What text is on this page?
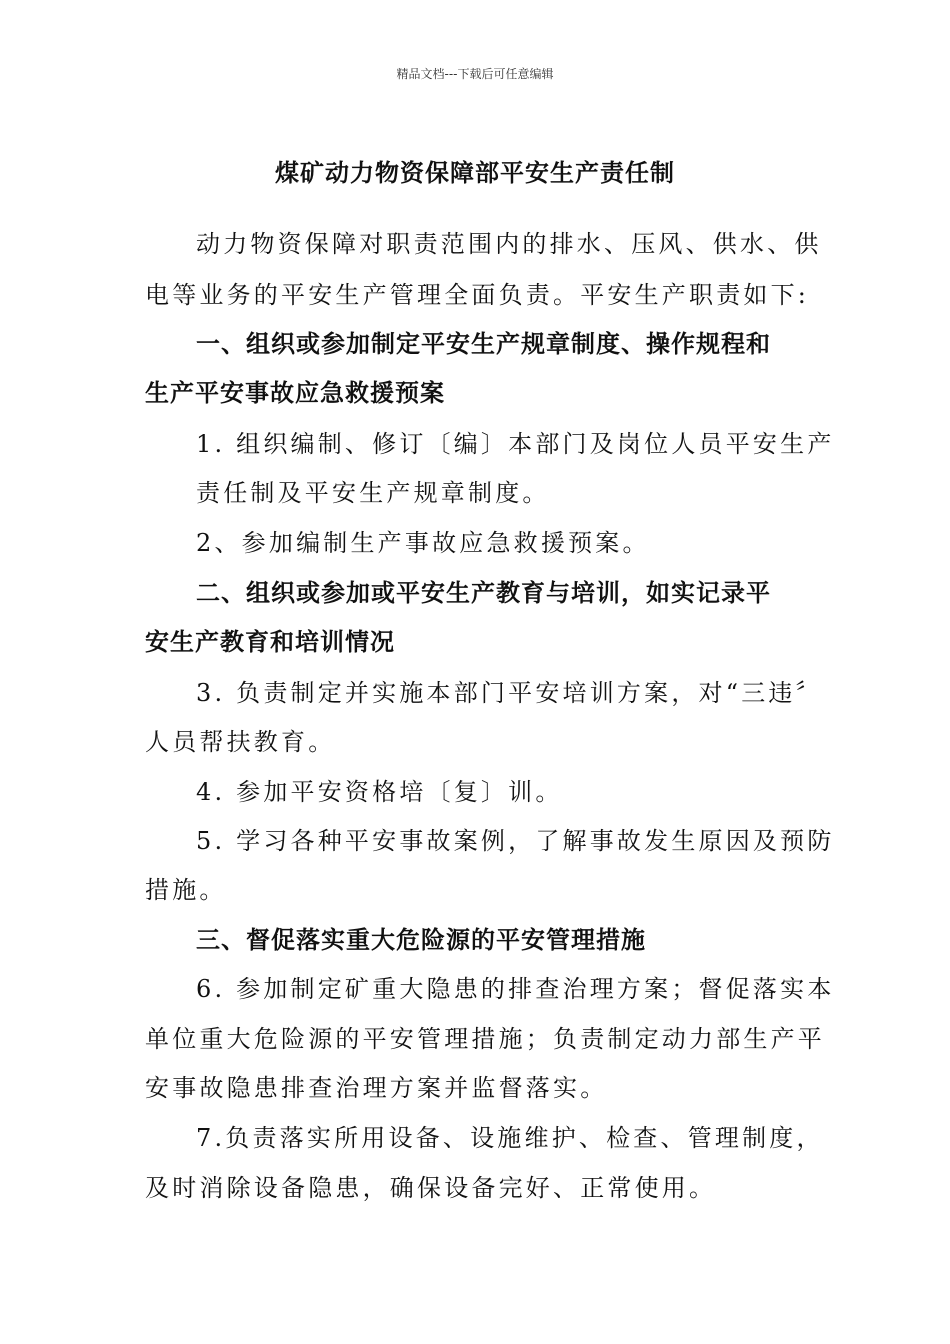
精品文档---下载后可任意编辑
煤矿动力物资保障部平安生产责任制
动力物资保障对职责范围内的排水、压风、供水、供
电等业务的平安生产管理全面负责。平安生产职责如下:
一、组织或参加制定平安生产规章制度、操作规程和
生产平安事故应急救援预案
1. 组织编制、修订〔编〕本部门及岗位人员平安生产
责任制及平安生产规章制度。
2、参加编制生产事故应急救援预案。
二、组织或参加或平安生产教育与培训，如实记录平
安生产教育和培训情况
3. 负责制定并实施本部门平安培训方案，对“三违〞
人员帮扶教育。
4. 参加平安资格培〔复〕训。
5. 学习各种平安事故案例，了解事故发生原因及预防
措施。
三、督促落实重大危险源的平安管理措施
6. 参加制定矿重大隐患的排查治理方案；督促落实本
单位重大危险源的平安管理措施；负责制定动力部生产平
安事故隐患排查治理方案并监督落实。
7.负责落实所用设备、设施维护、检查、管理制度，
及时消除设备隐患，确保设备完好、正常使用。
